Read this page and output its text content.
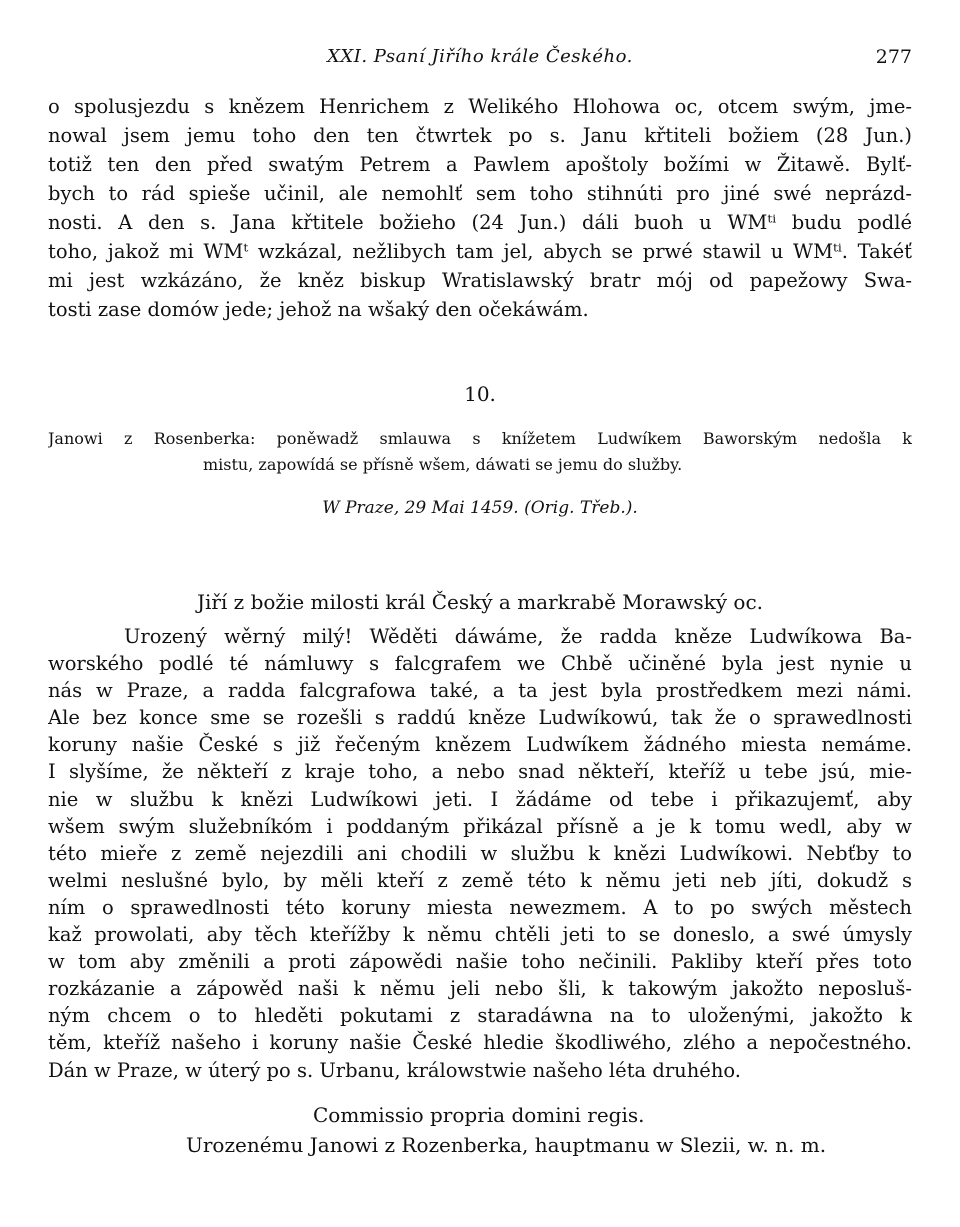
XXI. Psaní Jiřího krále Českého.	277
o spolusjezdu s knězem Henrichem z Welikého Hlohowa oc, otcem swým, jme-
nowal jsem jemu toho den ten čtwrtek po s. Janu křtiteli božiem (28 Jun.)
totiž ten den před swatým Petrem a Pawlem apoštoly božími w Žitawě. Bylť-
bych to rád spieše učinil, ale nemohlť sem toho stihnúti pro jiné swé neprázd-
nosti. A den s. Jana křtitele božieho (24 Jun.) dáli buoh u WMᵗⁱ budu podlé
toho, jakož mi WMᵗ wzkázal, nežlibych tam jel, abych se prwé stawil u WMᵗⁱ. Takéť
mi jest wzkázáno, že kněz biskup Wratislawský bratr mój od papežowy Swa-
tosti zase domów jede; jehož na wšaký den očekáwám.
10.
Janowi z Rosenberka: poněwadž smlauwa s knížetem Ludwíkem Baworským nedošla k
mistu, zapowídá se přísně wšem, dáwati se jemu do služby.
W Praze, 29 Mai 1459. (Orig. Třeb.).
Jiří z božie milosti král Český a markrabě Morawský oc.
Urozený wěrný milý! Wěděti dáwáme, že radda kněze Ludwíkowa Ba-
worského podlé té námluwy s falcgrafem we Chbě učiněné byla jest nynie u
nás w Praze, a radda falcgrafowa také, a ta jest byla prostředkem mezi námi.
Ale bez konce sme se rozešli s raddú kněze Ludwíkowú, tak že o sprawedlnosti
koruny našie České s již řečeným knězem Ludwíkem žádného miesta nemáme.
I slyšíme, že někteří z kraje toho, a nebo snad někteří, kteříž u tebe jsú, mie-
nie w službu k knězi Ludwíkowi jeti. I žádáme od tebe i přikazujemť, aby
wšem swým služebníkóm i poddaným přikázal přísně a je k tomu wedl, aby w
této mieře z země nejezdili ani chodili w službu k knězi Ludwíkowi. Nebťby to
welmi neslušné bylo, by měli kteří z země této k němu jeti neb jíti, dokudž s
ním o sprawedlnosti této koruny miesta newezmem. A to po swých městech
kaž prowolati, aby těch kteřížby k němu chtěli jeti to se doneslo, a swé úmysly
w tom aby změnili a proti zápowědi našie toho nečinili. Pakliby kteří přes toto
rozkázanie a zápowěd naši k němu jeli nebo šli, k takowým jakožto neposluš-
ným chcem o to hleděti pokutami z staradáwna na to uloženými, jakožto k
těm, kteříž našeho i koruny našie České hledie škodliwého, zlého a nepočestného.
Dán w Praze, w úterý po s. Urbanu, králowstwie našeho léta druhého.
Commissio propria domini regis.
Urozenému Janowi z Rozenberka, hauptmanu w Slezii, w. n. m.
